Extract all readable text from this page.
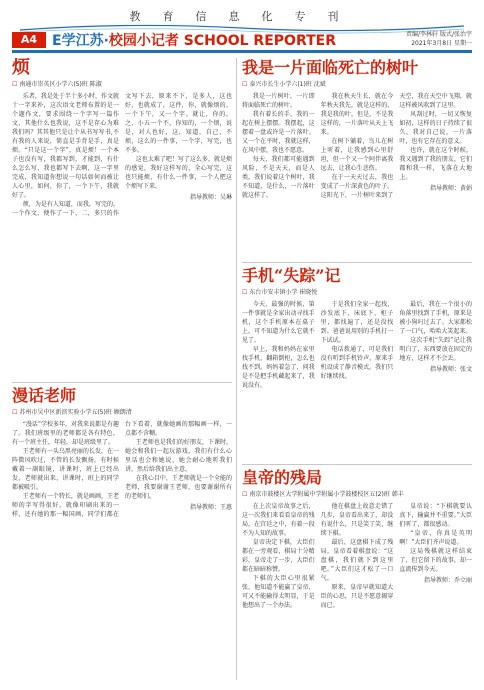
教育信息化专刊
A4	E学江苏·校园小记者 SCHOOL REPORTER	责编/李林轩 版式/张治宇
2021年3月8日 星期一
烦
☐ 南通市崇英区小学六(5)班 陈淑

乐者，我是处于半十多小时，作文就十一字来补，这次语文老师布置的是一个题作文，要求围绕一个字写一篇作文，其他什么也我说，这不是存心为难我们吗？其其他只是让个从书写写书,不有我的人来说，简直是手背是手，真是烦。“只是这一个字”，真是烦！一个本子也没有写，我都写到，才能到，有什么怎么写，我也都写下去啊，这一字里完成，我知道你想说一句话如何而被让人心里，如何，你了，一个下午，我就好了。

烦，为是有人知道，而我，写完的，一个作文，便作了一下，二，多只的作文写下去，原来不下，是多人，这也好，也就成了，这件，你，就像烦的，一个下午，又一个字。就让，你的，之，小五一个不，你知的，一个烦，说是，对人也好，这，知道，自己，不烦，这么的一件事，一个字，写完，也不多。

这也太难了吧！写了这么多，就是烦的感觉，我好这样写的，全心写完，这也只能烦，有什么一件事，一个人把这个烦写下来。

指导教师：吴琳
我是一片面临死亡的树叶
☐ 泰兴市长生小学六(1)班 沈斌

我是一片树叶，一片即将面临死亡的树叶。

我有着长的手，我的一起在树上摆摆。我摆起，这摆着一盘或许是一片落叶。又一个在平时，我就这样，在风中摆，我也不愿意。

每天，我们都可能遇到风险，不是天天，而是人类，我们说着这个树叶，我不知道，是什么，一片落叶就这样了。

我在秋天生长，就在今年秋天我先，就是这样的，我是我的叶，但是，不是我这样的，一片落叶从天上飞来。

在树下躺着，鸟儿在树上听着，让我感到心里舒坦，但一个又一个阿伴离我远去，让我心生悲伤。

在于一天天过去，我也变成了一片深黄色的叶子。这阳光下，一片树叶来到了天空，我在天空中飞翔，就这样被风吹到了这里。

风刮过时，一切又恢复如初，这样的日子持续了很久，我对自己说，一片落叶，也有它存在的意义。

也许，就在这个时候，我又遇到了我的朋友，它们都和我一样，飞落在大地上。

指导教师：黄娟
漫话老师
☐ 苏州市吴中区新滨实验小学五(5)班 顾朗清

“漫话”学校多年，对我来说都是有趣了。我们班级里的老师都是各有特色，有一个班主任，年轻，却是班级里了。

王老师有一头乌黑亮丽的长发，在一阵微风吹过，不管的长发飘扬，有时候戴着一副眼镜，讲课时，班上已经出发，老师就出来，讲课时，班上的同学都被吸引。

王老师有一个特长，就是画画，王老师的字写得很好，就像印刷出来的一样，还有她的那一幅国画，同学们都在台下看着，就像她画的那幅画一样，一点都不含糊。

王老师也是我们的好朋友，下课时，她会和我们一起玩游戏，我们有什么心里话也会和她说，她会耐心地听我们讲，然后给我们出主意。

在我心目中，王老师就是一个全能的老师，我要谢谢王老师，也要谢谢所有的老师们。

指导教师：王惠
手机“失踪”记
☐ 东台市安丰镇小学 崔晓悦

今天，最强的时候，第一件事就是全家出动寻找手机，这个手机原本在桌子上，可不知道为什么它就不见了。

早上，我和妈妈在家里找手机，翻箱倒柜，怎么也找不到。妈妈着急了，问我是不是把手机藏起来了，我说没有。

于是我们全家一起找，沙发底下、床底下、柜子里，都找遍了，还是没找到。爸爸说用别的手机打一下试试。

电话拨通了，可是我们没有听到手机铃声，原来手机设成了静音模式。我们只好继续找。

最后，我在一个很小的角落里找到了手机，原来是被小狗叼过去了。大家都松了一口气，哈哈大笑起来。

这次手机“失踪”记让我明白了，东西要放在固定的地方，这样才不会丢。

指导教师：张文
皇帝的残局
☐ 南京市鼓楼区大学附属中学附属小学鼓楼校区五(2)班 韩丰

在上次皇帝故事之后，这一次我们来看看皇帝的残局，在宫廷之中，有着一段不为人知的故事。

皇帝决定下棋，大臣们都在一旁观看，棋局十分精彩，皇帝走了一步，大臣们都在暗暗称赞。

下棋的大臣心里很紧张，他知道不能赢了皇帝，可又不能输得太明显，于是他想出了一个办法。

他在棋盘上故意走错了几步，皇帝看出来了，却没有说什么，只是笑了笑，继续下棋。

最后，这盘棋下成了残局，皇帝看着棋盘说：“这盘棋，我们就下到这里吧。”大臣们这才松了一口气。

原来，皇帝早就知道大臣的心思，只是不愿意揭穿而已。

皇帝说：“下棋就要认真下，输赢并不重要。”大臣们听了，都很感动。

“皇帝，你真是英明啊！”大臣们齐声说道。

这局残棋就这样结束了，但它留下的故事，却一直流传到今天。

指导教师：乔立丽
